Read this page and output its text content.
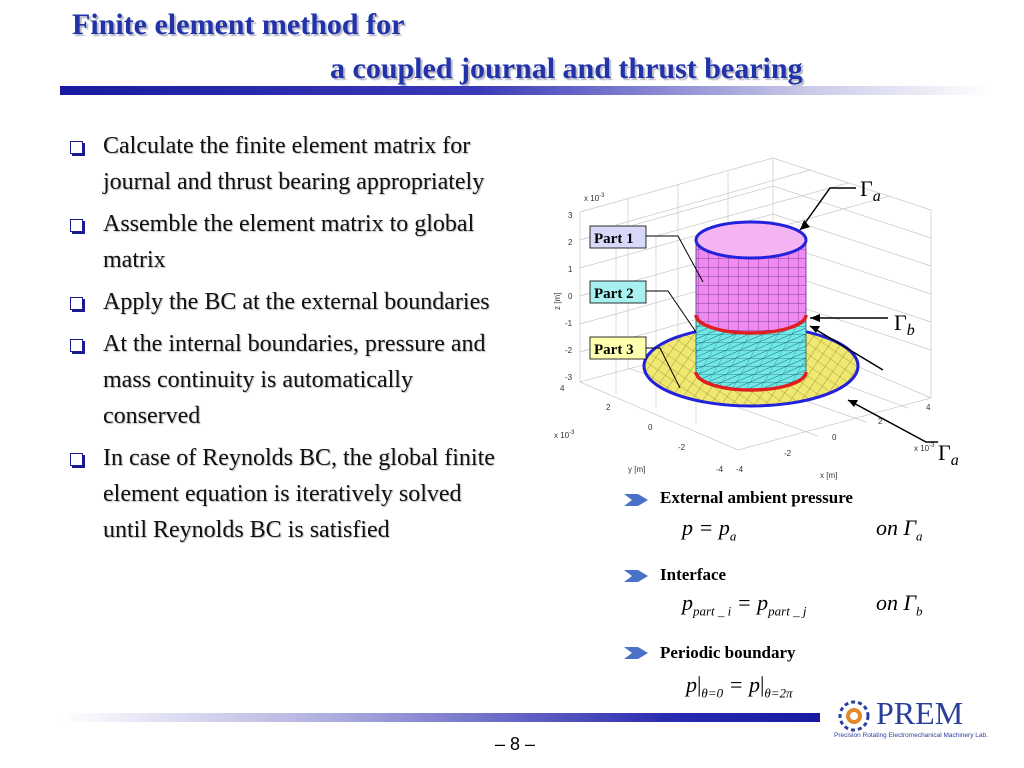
Finite element method for
a coupled journal and thrust bearing
Calculate the finite element matrix for journal and thrust bearing appropriately
Assemble the element matrix to global matrix
Apply the BC at the external boundaries
At the internal boundaries, pressure and mass continuity is automatically conserved
In case of Reynolds BC, the global finite element equation is iteratively solved until Reynolds BC is satisfied
x $10^{-3}$
3
2
1
0
-1
-2
-3
z [m]
4
2
0
-2
-4
x $10^{-3}$
y [m]	-4
-2
0
2
4
x $10^{-3}$
x [m]
Part 1
Part 2
Part 3
$\Gamma_a$
$\Gamma_b$
$\Gamma_a$
External ambient pressure
$p = p_a$	on $\Gamma_a$
Interface
$p_{part \_ i} = p_{part \_ j}$	on $\Gamma_b$
Periodic boundary
$p|_{\theta=0} = p|_{\theta=2\pi}$
PREM
Precision Rotating Electromechanical Machinery Lab.
– 8 –
